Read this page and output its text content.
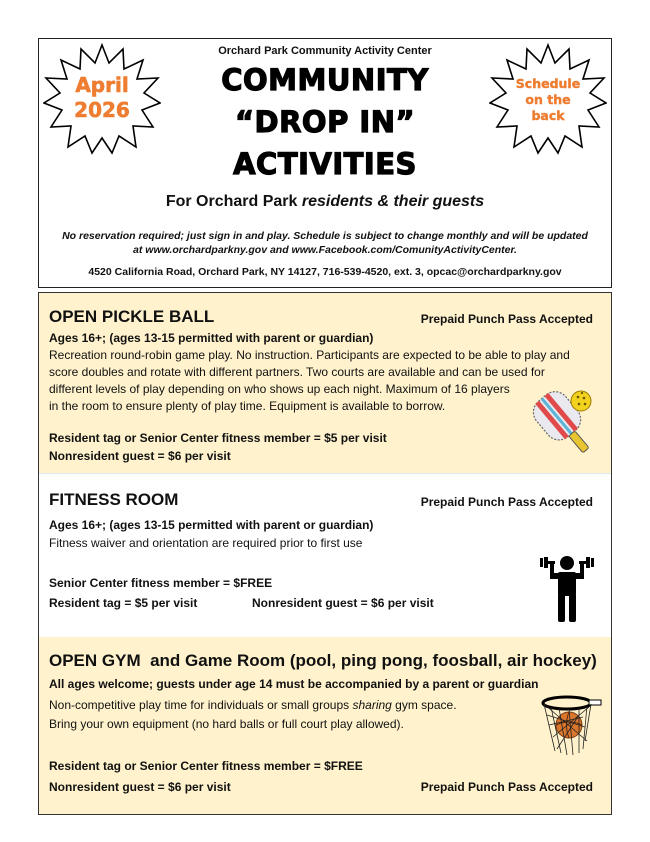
April
2026
Orchard Park Community Activity Center
COMMUNITY
“DROP IN”
ACTIVITIES
Schedule
on the
back
For Orchard Park residents & their guests
No reservation required; just sign in and play. Schedule is subject to change monthly and will be updated
at www.orchardparkny.gov and www.Facebook.com/ComunityActivityCenter.
4520 California Road, Orchard Park, NY 14127, 716-539-4520, ext. 3, opcac@orchardparkny.gov
OPEN PICKLE BALL	Prepaid Punch Pass Accepted
Ages 16+; (ages 13-15 permitted with parent or guardian)
Recreation round-robin game play. No instruction. Participants are expected to be able to play and
score doubles and rotate with different partners. Two courts are available and can be used for
different levels of play depending on who shows up each night. Maximum of 16 players
in the room to ensure plenty of play time. Equipment is available to borrow.
Resident tag or Senior Center fitness member = $5 per visit
Nonresident guest = $6 per visit
FITNESS ROOM	Prepaid Punch Pass Accepted
Ages 16+; (ages 13-15 permitted with parent or guardian)
Fitness waiver and orientation are required prior to first use
Senior Center fitness member = $FREE
Resident tag = $5 per visit	Nonresident guest = $6 per visit
OPEN GYM  and Game Room (pool, ping pong, foosball, air hockey)
All ages welcome; guests under age 14 must be accompanied by a parent or guardian
Non-competitive play time for individuals or small groups sharing gym space.
Bring your own equipment (no hard balls or full court play allowed).
Resident tag or Senior Center fitness member = $FREE
Nonresident guest = $6 per visit	Prepaid Punch Pass Accepted
